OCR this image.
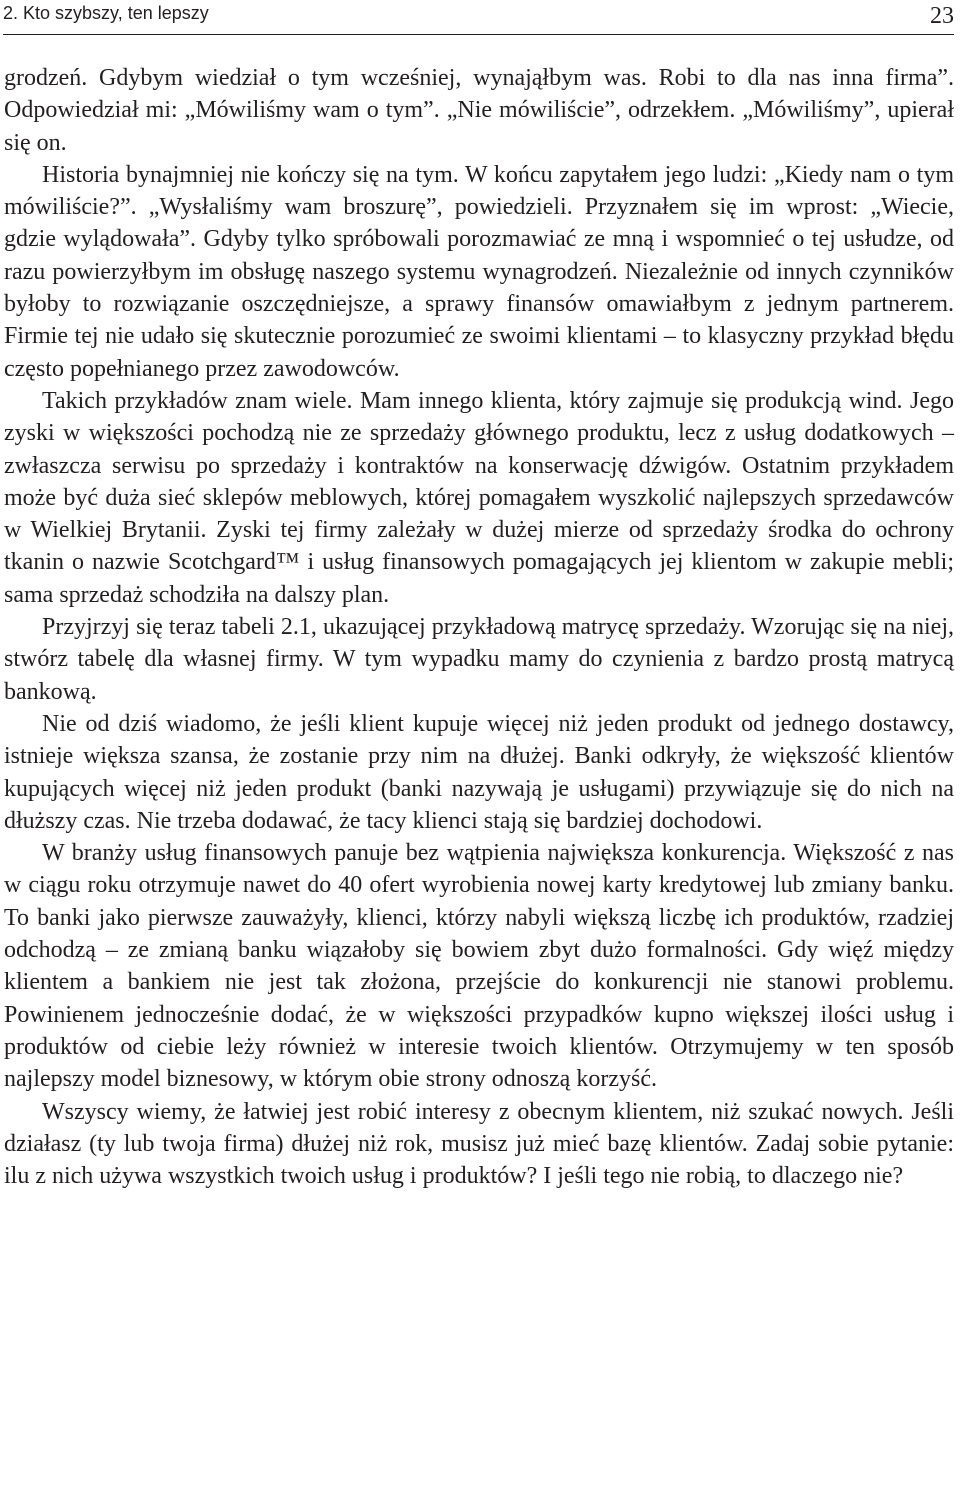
2. Kto szybszy, ten lepszy	23

grodzeń. Gdybym wiedział o tym wcześniej, wynająłbym was. Robi to dla nas inna firma”. Odpowiedział mi: „Mówiliśmy wam o tym”. „Nie mówiliście”, odrzekłem. „Mówiliśmy”, upierał się on.

Historia bynajmniej nie kończy się na tym. W końcu zapytałem jego ludzi: „Kiedy nam o tym mówiliście?”. „Wysłaliśmy wam broszurę”, powiedzieli. Przyznałem się im wprost: „Wiecie, gdzie wylądowała”. Gdyby tylko spróbowali porozmawiać ze mną i wspomnieć o tej usłudze, od razu powierzyłbym im obsługę naszego systemu wynagrodzeń. Niezależnie od innych czynników byłoby to rozwiązanie oszczędniejsze, a sprawy finansów omawiałbym z jednym partnerem. Firmie tej nie udało się skutecznie porozumieć ze swoimi klientami – to klasyczny przykład błędu często popełnianego przez zawodowców.

Takich przykładów znam wiele. Mam innego klienta, który zajmuje się produkcją wind. Jego zyski w większości pochodzą nie ze sprzedaży głównego produktu, lecz z usług dodatkowych – zwłaszcza serwisu po sprzedaży i kontraktów na konserwację dźwigów. Ostatnim przykładem może być duża sieć sklepów meblowych, której pomagałem wyszkolić najlepszych sprzedawców w Wielkiej Brytanii. Zyski tej firmy zależały w dużej mierze od sprzedaży środka do ochrony tkanin o nazwie Scotchgard™ i usług finansowych pomagających jej klientom w zakupie mebli; sama sprzedaż schodziła na dalszy plan.

Przyjrzyj się teraz tabeli 2.1, ukazującej przykładową matrycę sprzedaży. Wzorując się na niej, stwórz tabelę dla własnej firmy. W tym wypadku mamy do czynienia z bardzo prostą matrycą bankową.

Nie od dziś wiadomo, że jeśli klient kupuje więcej niż jeden produkt od jednego dostawcy, istnieje większa szansa, że zostanie przy nim na dłużej. Banki odkryły, że większość klientów kupujących więcej niż jeden produkt (banki nazywają je usługami) przywiązuje się do nich na dłuższy czas. Nie trzeba dodawać, że tacy klienci stają się bardziej dochodowi.

W branży usług finansowych panuje bez wątpienia największa konkurencja. Większość z nas w ciągu roku otrzymuje nawet do 40 ofert wyrobienia nowej karty kredytowej lub zmiany banku. To banki jako pierwsze zauważyły, klienci, którzy nabyli większą liczbę ich produktów, rzadziej odchodzą – ze zmianą banku wiązałoby się bowiem zbyt dużo formalności. Gdy więź między klientem a bankiem nie jest tak złożona, przejście do konkurencji nie stanowi problemu. Powinienem jednocześnie dodać, że w większości przypadków kupno większej ilości usług i produktów od ciebie leży również w interesie twoich klientów. Otrzymujemy w ten sposób najlepszy model biznesowy, w którym obie strony odnoszą korzyść.

Wszyscy wiemy, że łatwiej jest robić interesy z obecnym klientem, niż szukać nowych. Jeśli działasz (ty lub twoja firma) dłużej niż rok, musisz już mieć bazę klientów. Zadaj sobie pytanie: ilu z nich używa wszystkich twoich usług i produktów? I jeśli tego nie robią, to dlaczego nie?
